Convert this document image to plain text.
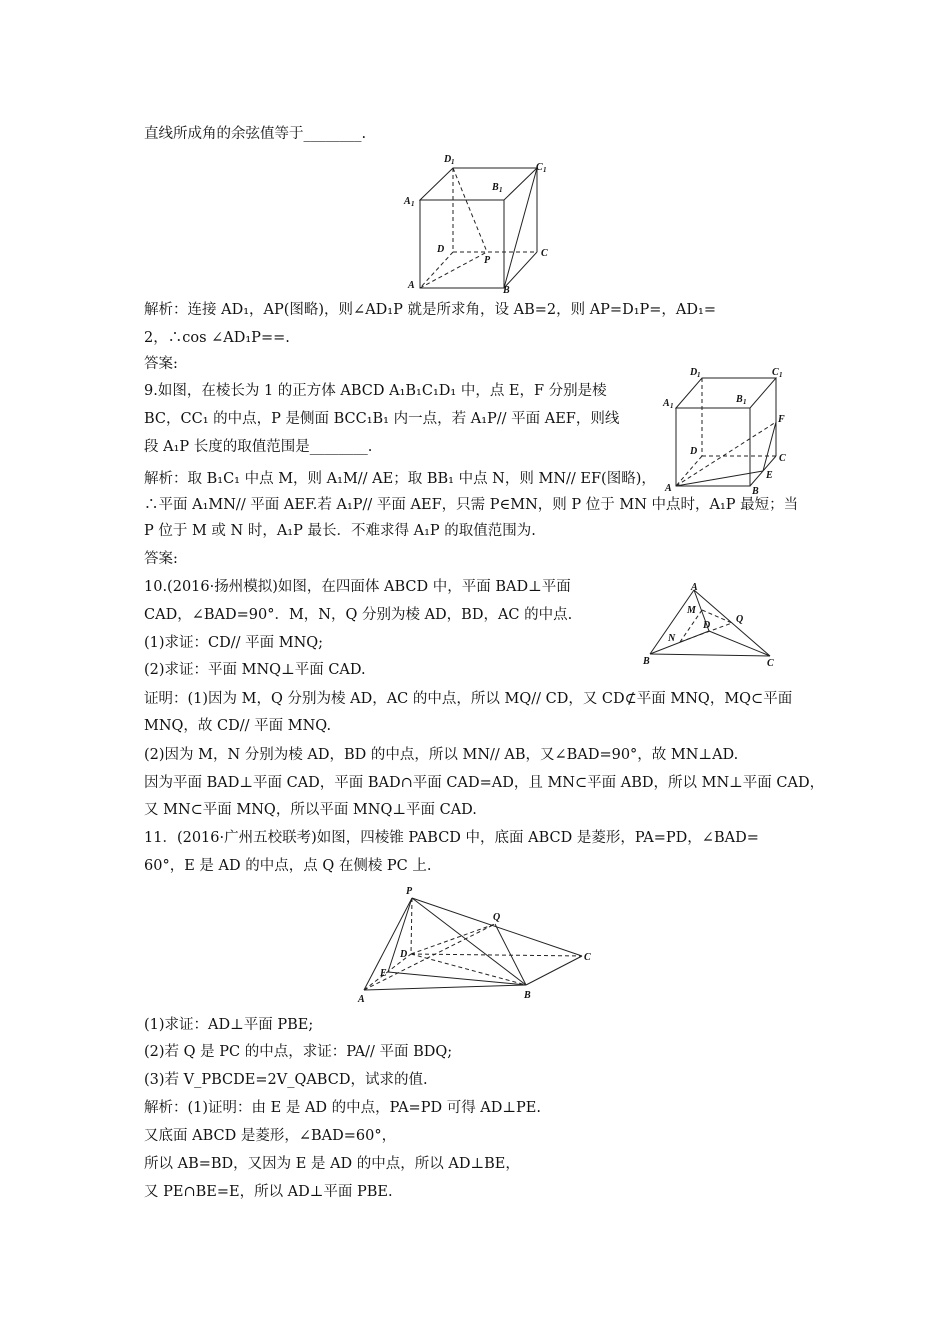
直线所成角的余弦值等于________.
D 1	C 1
B 1
A 1
D
P
C
A	B
解析：连接 AD₁，AP(图略)，则∠AD₁P 就是所求角，设 AB=2，则 AP=D₁P=，AD₁=
2，∴cos ∠AD₁P==.
答案:
9.如图，在棱长为 1 的正方体 ABCD A₁B₁C₁D₁ 中，点 E，F 分别是棱
BC，CC₁ 的中点，P 是侧面 BCC₁B₁ 内一点，若 A₁P// 平面 AEF，则线
段 A₁P 长度的取值范围是________.
D 1	C 1
B 1
A 1
F
D
C
E
A	B
解析：取 B₁C₁ 中点 M，则 A₁M// AE；取 BB₁ 中点 N，则 MN// EF(图略)，
∴平面 A₁MN// 平面 AEF.若 A₁P// 平面 AEF，只需 P∈MN，则 P 位于 MN 中点时，A₁P 最短；当
P 位于 M 或 N 时，A₁P 最长．不难求得 A₁P 的取值范围为.
答案:
10.(2016·扬州模拟)如图，在四面体 ABCD 中，平面 BAD⊥平面
CAD，∠BAD=90°．M，N，Q 分别为棱 AD，BD，AC 的中点.
A
M
Q
D
N
B	C
(1)求证：CD// 平面 MNQ;
(2)求证：平面 MNQ⊥平面 CAD.
证明：(1)因为 M，Q 分别为棱 AD，AC 的中点，所以 MQ// CD，又 CD⊄平面 MNQ，MQ⊂平面
MNQ，故 CD// 平面 MNQ.
(2)因为 M，N 分别为棱 AD，BD 的中点，所以 MN// AB，又∠BAD=90°，故 MN⊥AD.
因为平面 BAD⊥平面 CAD，平面 BAD∩平面 CAD=AD，且 MN⊂平面 ABD，所以 MN⊥平面 CAD，
又 MN⊂平面 MNQ，所以平面 MNQ⊥平面 CAD.
11．(2016·广州五校联考)如图，四棱锥 PABCD 中，底面 ABCD 是菱形，PA=PD，∠BAD=
60°，E 是 AD 的中点，点 Q 在侧棱 PC 上.
P
Q
D	C
E
A	B
(1)求证：AD⊥平面 PBE;
(2)若 Q 是 PC 的中点，求证：PA// 平面 BDQ;
(3)若 V_PBCDE=2V_QABCD，试求的值.
解析：(1)证明：由 E 是 AD 的中点，PA=PD 可得 AD⊥PE.
又底面 ABCD 是菱形，∠BAD=60°，
所以 AB=BD，又因为 E 是 AD 的中点，所以 AD⊥BE，
又 PE∩BE=E，所以 AD⊥平面 PBE.
